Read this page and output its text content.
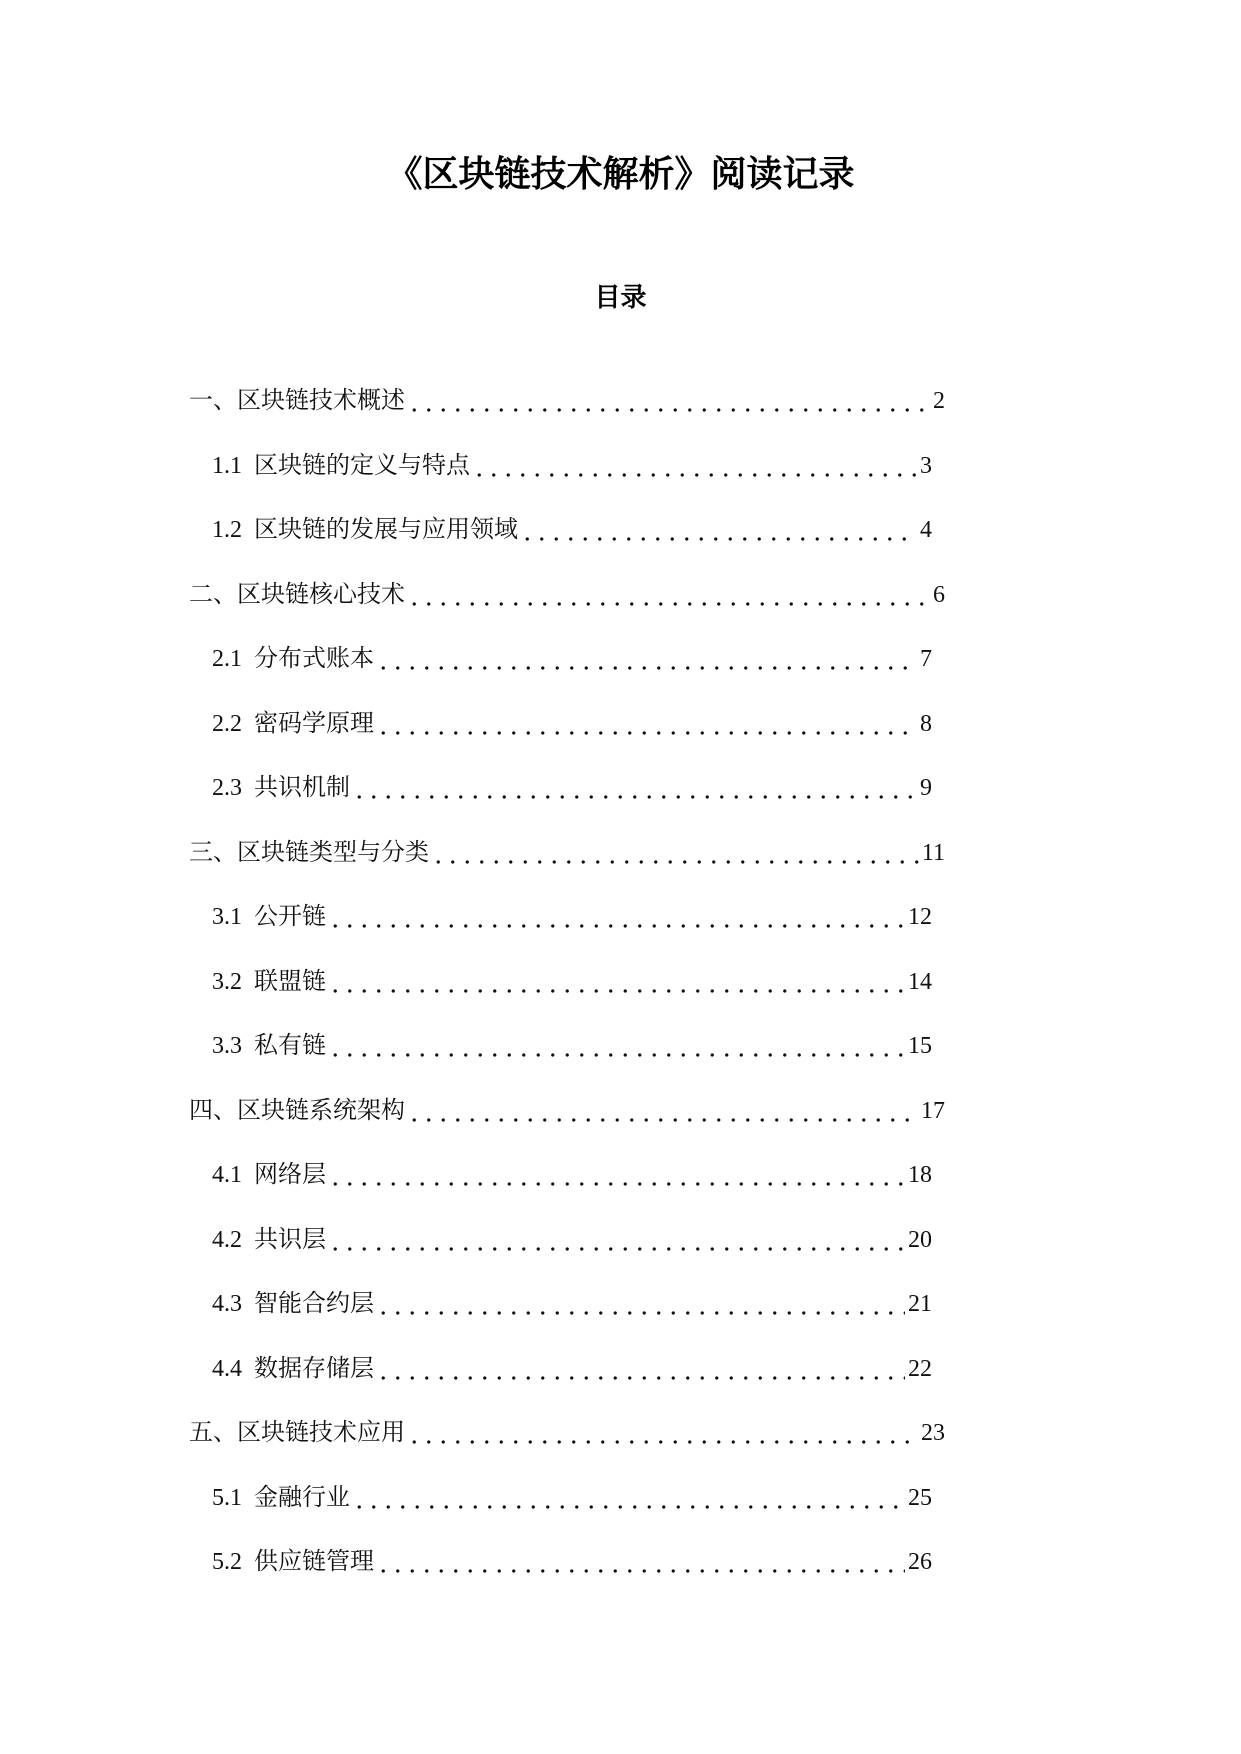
《区块链技术解析》阅读记录
目录
一、区块链技术概述	2
1.1 区块链的定义与特点	3
1.2 区块链的发展与应用领域	4
二、区块链核心技术	6
2.1 分布式账本	7
2.2 密码学原理	8
2.3 共识机制	9
三、区块链类型与分类	11
3.1 公开链	12
3.2 联盟链	14
3.3 私有链	15
四、区块链系统架构	17
4.1 网络层	18
4.2 共识层	20
4.3 智能合约层	21
4.4 数据存储层	22
五、区块链技术应用	23
5.1 金融行业	25
5.2 供应链管理	26
